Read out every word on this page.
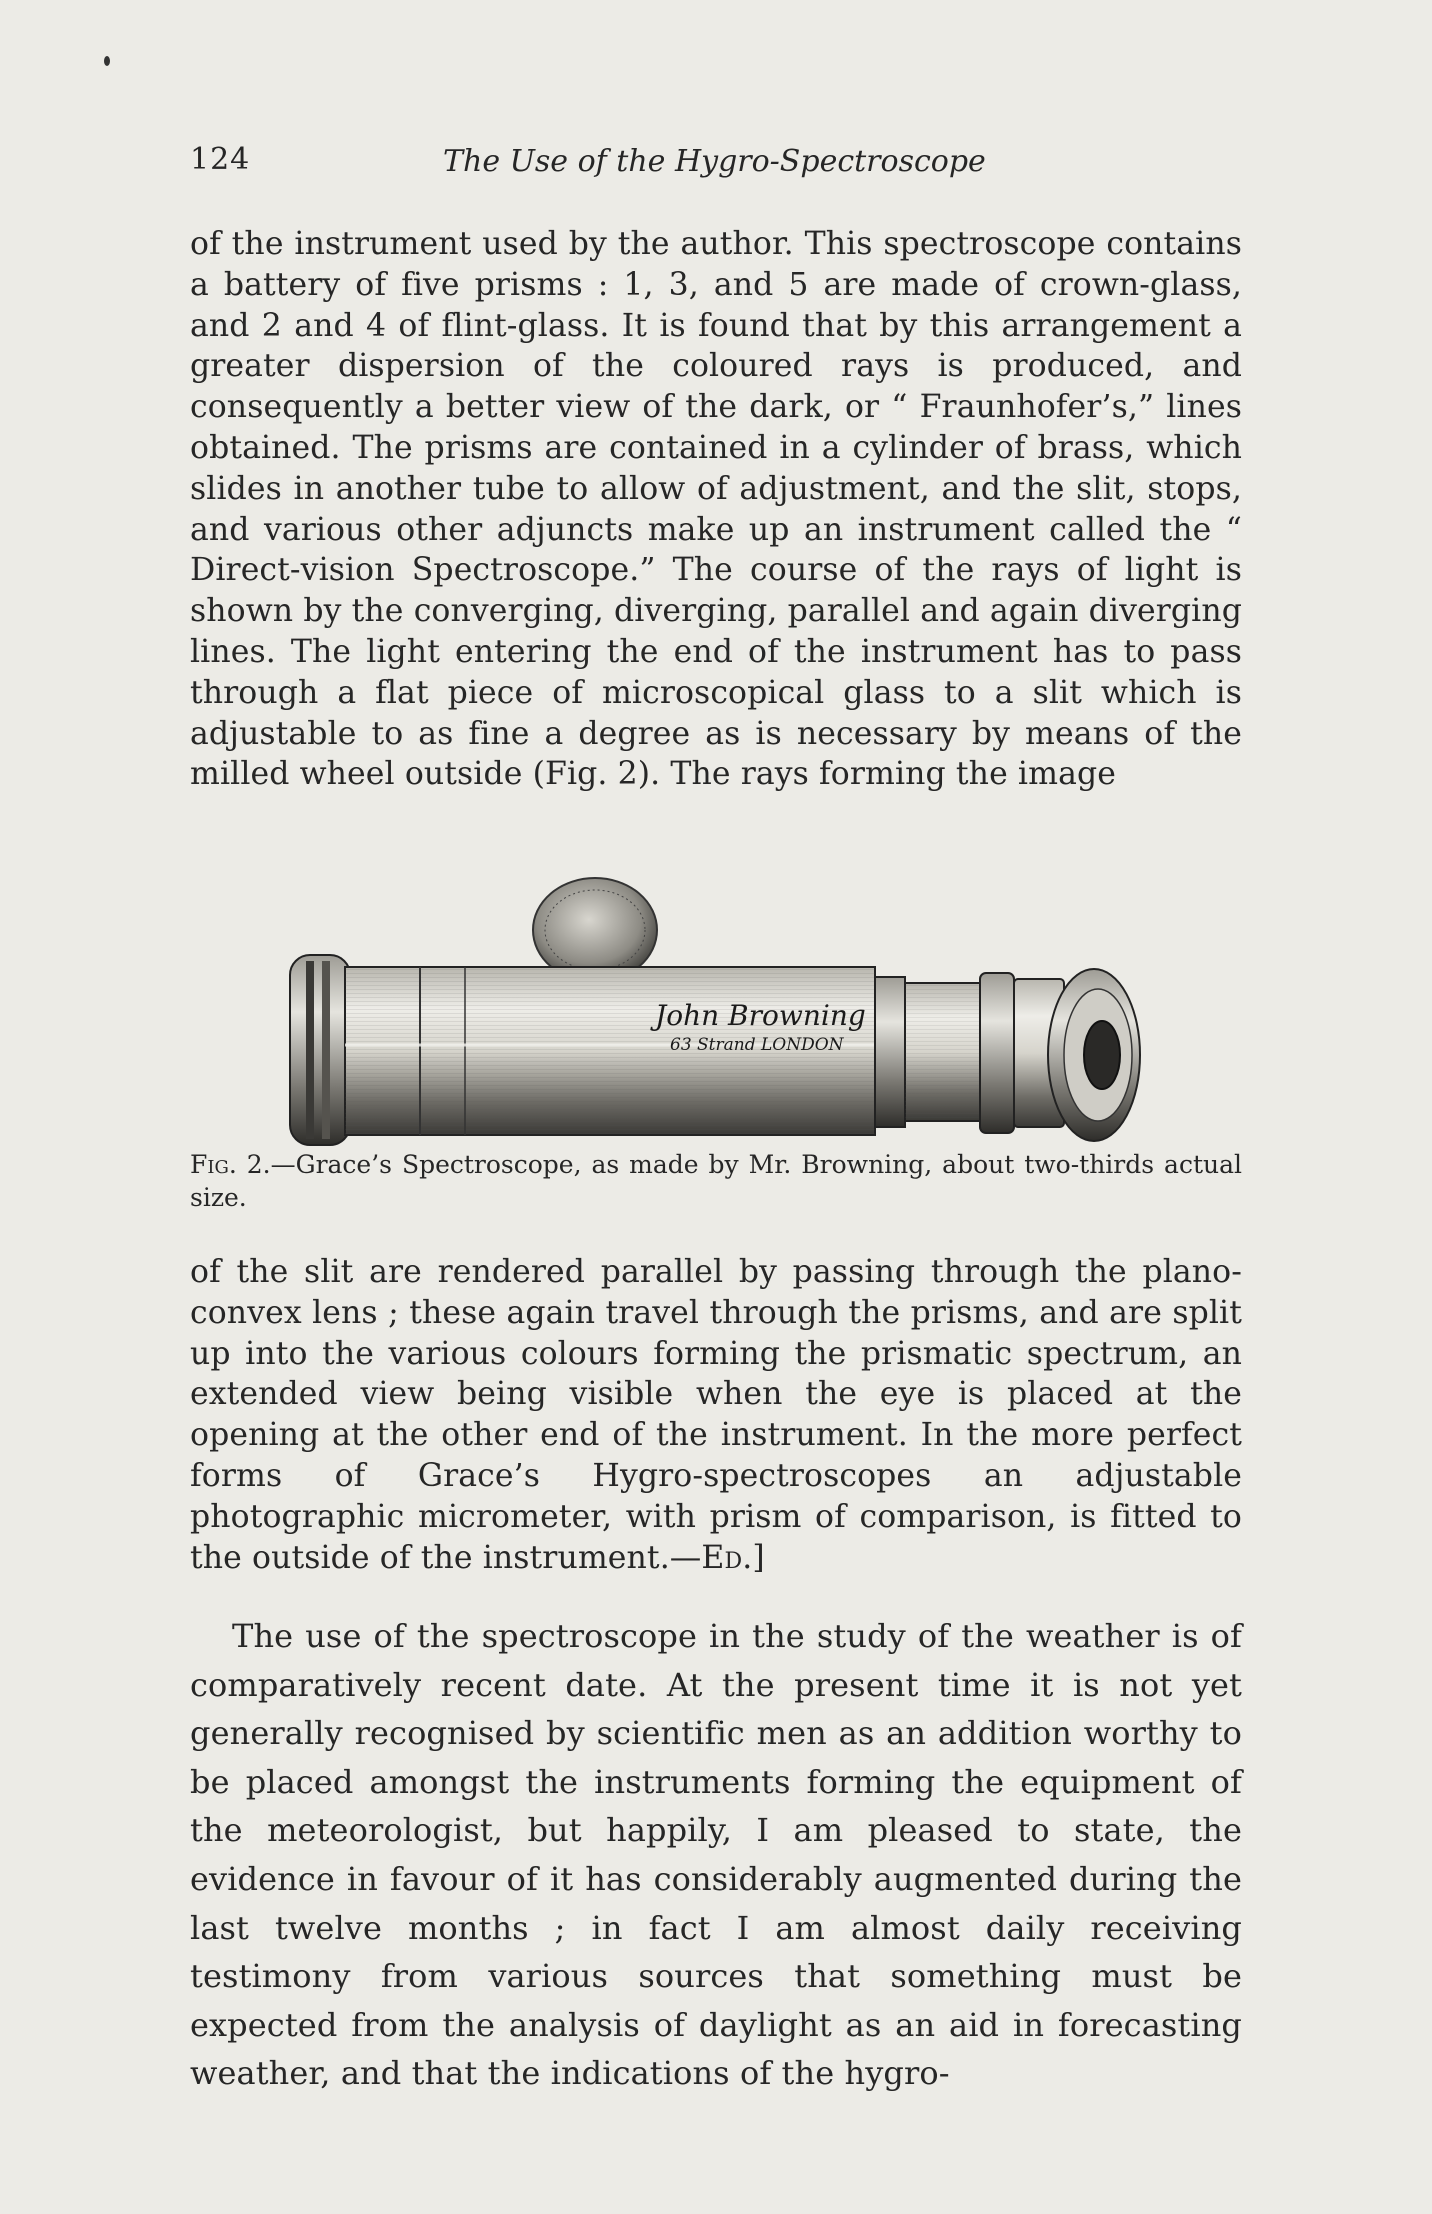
124	The Use of the Hygro-Spectroscope

of the instrument used by the author. This spectroscope contains a battery of five prisms : 1, 3, and 5 are made of crown-glass, and 2 and 4 of flint-glass. It is found that by this arrangement a greater dispersion of the coloured rays is produced, and consequently a better view of the dark, or “ Fraunhofer’s,” lines obtained. The prisms are contained in a cylinder of brass, which slides in another tube to allow of adjustment, and the slit, stops, and various other adjuncts make up an instrument called the “ Direct-vision Spectroscope.” The course of the rays of light is shown by the converging, diverging, parallel and again diverging lines. The light entering the end of the instrument has to pass through a flat piece of microscopical glass to a slit which is adjustable to as fine a degree as is necessary by means of the milled wheel outside (Fig. 2). The rays forming the image

John Browning
63 Strand LONDON
Fig. 2.—Grace’s Spectroscope, as made by Mr. Browning, about two-thirds actual size.

of the slit are rendered parallel by passing through the plano-convex lens ; these again travel through the prisms, and are split up into the various colours forming the prismatic spectrum, an extended view being visible when the eye is placed at the opening at the other end of the instrument. In the more perfect forms of Grace’s Hygro-spectroscopes an adjustable photographic micrometer, with prism of comparison, is fitted to the outside of the instrument.—Ed.]

The use of the spectroscope in the study of the weather is of comparatively recent date. At the present time it is not yet generally recognised by scientific men as an addition worthy to be placed amongst the instruments forming the equipment of the meteorologist, but happily, I am pleased to state, the evidence in favour of it has considerably augmented during the last twelve months ; in fact I am almost daily receiving testimony from various sources that something must be expected from the analysis of daylight as an aid in forecasting weather, and that the indications of the hygro-
